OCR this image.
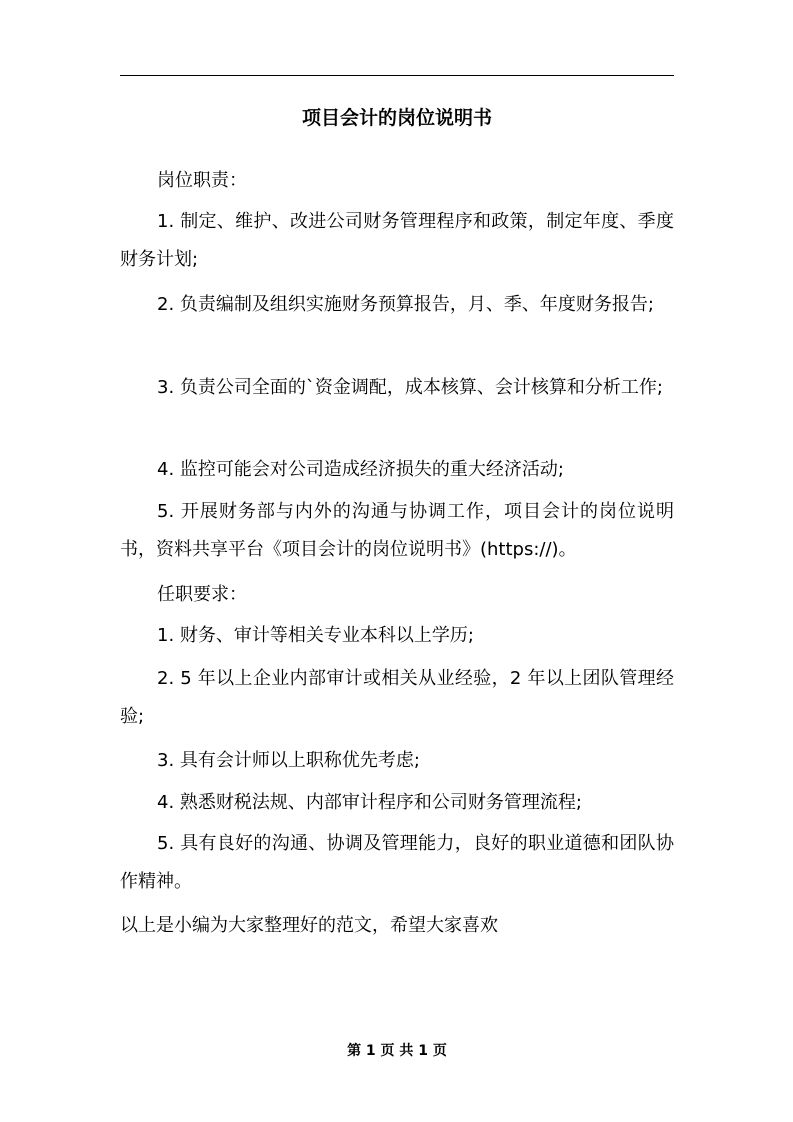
项目会计的岗位说明书

岗位职责：

1. 制定、维护、改进公司财务管理程序和政策，制定年度、季度财务计划;

2. 负责编制及组织实施财务预算报告，月、季、年度财务报告;

3. 负责公司全面的`资金调配，成本核算、会计核算和分析工作;

4. 监控可能会对公司造成经济损失的重大经济活动;

5. 开展财务部与内外的沟通与协调工作，项目会计的岗位说明书，资料共享平台《项目会计的岗位说明书》(https://)。

任职要求：

1. 财务、审计等相关专业本科以上学历;

2. 5 年以上企业内部审计或相关从业经验，2 年以上团队管理经验;

3. 具有会计师以上职称优先考虑;

4. 熟悉财税法规、内部审计程序和公司财务管理流程;

5. 具有良好的沟通、协调及管理能力，良好的职业道德和团队协作精神。

以上是小编为大家整理好的范文，希望大家喜欢

第 1 页 共 1 页
